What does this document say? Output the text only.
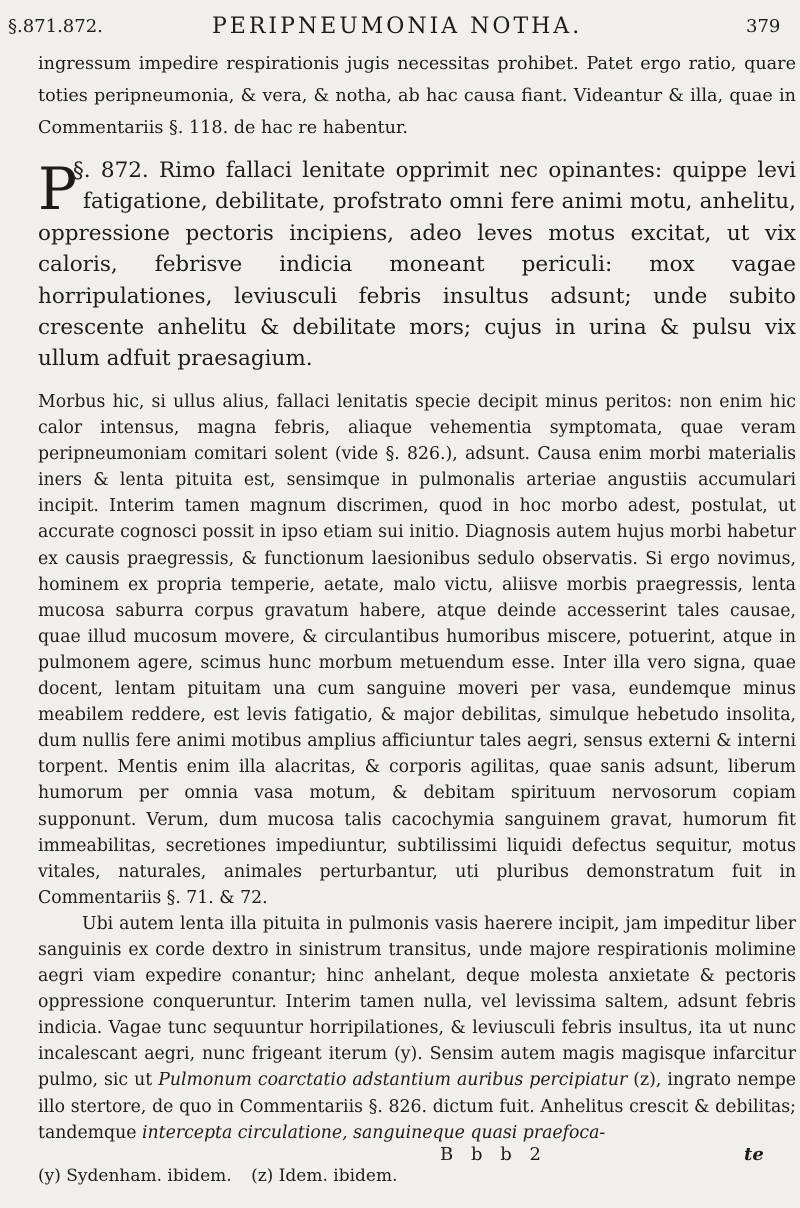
§.871.872.	PERIPNEUMONIA NOTHA.	379

ingressum impedire respirationis jugis necessitas prohibet. Patet ergo ratio, quare toties peripneumonia, & vera, & notha, ab hac causa fiant. Videantur & illa, quae in Commentariis §. 118. de hac re habentur.

§. 872.
P	Rimo fallaci lenitate opprimit nec opinantes: quippe levi fatigatione, debilitate, profstrato omni fere animi motu, anhelitu, oppressione pectoris incipiens, adeo leves motus excitat, ut vix caloris, febrisve indicia moneant periculi: mox vagae horripulationes, leviusculi febris insultus adsunt; unde subito crescente anhelitu & debilitate mors; cujus in urina & pulsu vix ullum adfuit praesagium.

Morbus hic, si ullus alius, fallaci lenitatis specie decipit minus peritos: non enim hic calor intensus, magna febris, aliaque vehementia symptomata, quae veram peripneumoniam comitari solent (vide §. 826.), adsunt. Causa enim morbi materialis iners & lenta pituita est, sensimque in pulmonalis arteriae angustiis accumulari incipit. Interim tamen magnum discrimen, quod in hoc morbo adest, postulat, ut accurate cognosci possit in ipso etiam sui initio. Diagnosis autem hujus morbi habetur ex causis praegressis, & functionum laesionibus sedulo observatis. Si ergo novimus, hominem ex propria temperie, aetate, malo victu, aliisve morbis praegressis, lenta mucosa saburra corpus gravatum habere, atque deinde accesserint tales causae, quae illud mucosum movere, & circulantibus humoribus miscere, potuerint, atque in pulmonem agere, scimus hunc morbum metuendum esse. Inter illa vero signa, quae docent, lentam pituitam una cum sanguine moveri per vasa, eundemque minus meabilem reddere, est levis fatigatio, & major debilitas, simulque hebetudo insolita, dum nullis fere animi motibus amplius afficiuntur tales aegri, sensus externi & interni torpent. Mentis enim illa alacritas, & corporis agilitas, quae sanis adsunt, liberum humorum per omnia vasa motum, & debitam spirituum nervosorum copiam supponunt. Verum, dum mucosa talis cacochymia sanguinem gravat, humorum fit immeabilitas, secretiones impediuntur, subtilissimi liquidi defectus sequitur, motus vitales, naturales, animales perturbantur, uti pluribus demonstratum fuit in Commentariis §. 71. & 72.

Ubi autem lenta illa pituita in pulmonis vasis haerere incipit, jam impeditur liber sanguinis ex corde dextro in sinistrum transitus, unde majore respirationis molimine aegri viam expedire conantur; hinc anhelant, deque molesta anxietate & pectoris oppressione conqueruntur. Interim tamen nulla, vel levissima saltem, adsunt febris indicia. Vagae tunc sequuntur horripilationes, & leviusculi febris insultus, ita ut nunc incalescant aegri, nunc frigeant iterum (y). Sensim autem magis magisque infarcitur pulmo, sic ut Pulmonum coarctatio adstantium auribus percipiatur (z), ingrato nempe illo stertore, de quo in Commentariis §. 826. dictum fuit. Anhelitus crescit & debilitas; tandemque intercepta circulatione, sanguineque quasi praefoca-

B b b 2	te
(y) Sydenham. ibidem. (z) Idem. ibidem.
